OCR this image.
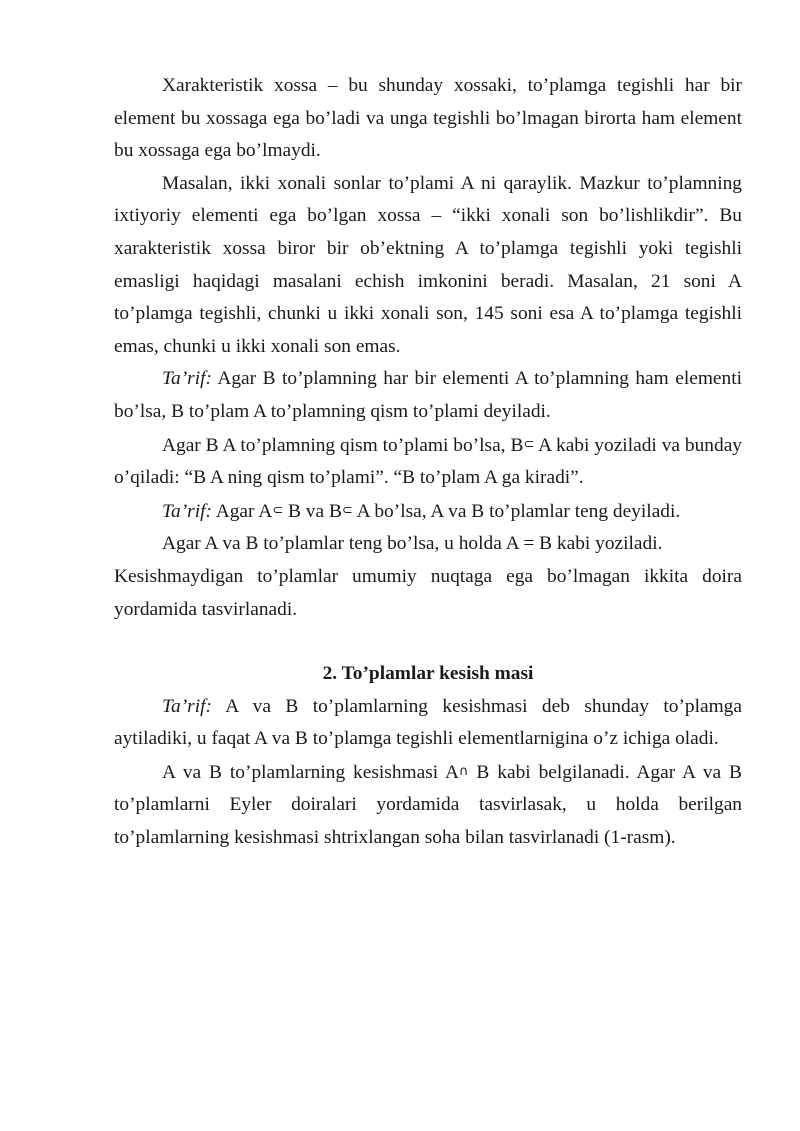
Xarakteristik xossa – bu shunday xossaki, to’plamga tegishli har bir element bu xossaga ega bo’ladi va unga tegishli bo’lmagan birorta ham element bu xossaga ega bo’lmaydi.

Masalan, ikki xonali sonlar to’plami A ni qaraylik. Mazkur to’plamning ixtiyoriy elementi ega bo’lgan xossa – “ikki xonali son bo’lishlikdir”. Bu xarakteristik xossa biror bir ob’ektning A to’plamga tegishli yoki tegishli emasligi haqidagi masalani echish imkonini beradi. Masalan, 21 soni A to’plamga tegishli, chunki u ikki xonali son, 145 soni esa A to’plamga tegishli emas, chunki u ikki xonali son emas.

Ta’rif: Agar B to’plamning har bir elementi A to’plamning ham elementi bo’lsa, B to’plam A to’plamning qism to’plami deyiladi.

Agar B A to’plamning qism to’plami bo’lsa, B⊂ A kabi yoziladi va bunday o’qiladi: “B A ning qism to’plami”. “B to’plam A ga kiradi”.

Ta’rif: Agar A⊂ B va B⊂ A bo’lsa, A va B to’plamlar teng deyiladi.

Agar A va B to’plamlar teng bo’lsa, u holda A = B kabi yoziladi.

Kesishmaydigan to’plamlar umumiy nuqtaga ega bo’lmagan ikkita doira yordamida tasvirlanadi.

2. To’plamlar kesish masi

Ta’rif: A va B to’plamlarning kesishmasi deb shunday to’plamga aytiladiki, u faqat A va B to’plamga tegishli elementlarnigina o’z ichiga oladi.

A va B to’plamlarning kesishmasi A∩ B kabi belgilanadi. Agar A va B to’plamlarni Eyler doiralari yordamida tasvirlasak, u holda berilgan to’plamlarning kesishmasi shtrixlangan soha bilan tasvirlanadi (1-rasm).
